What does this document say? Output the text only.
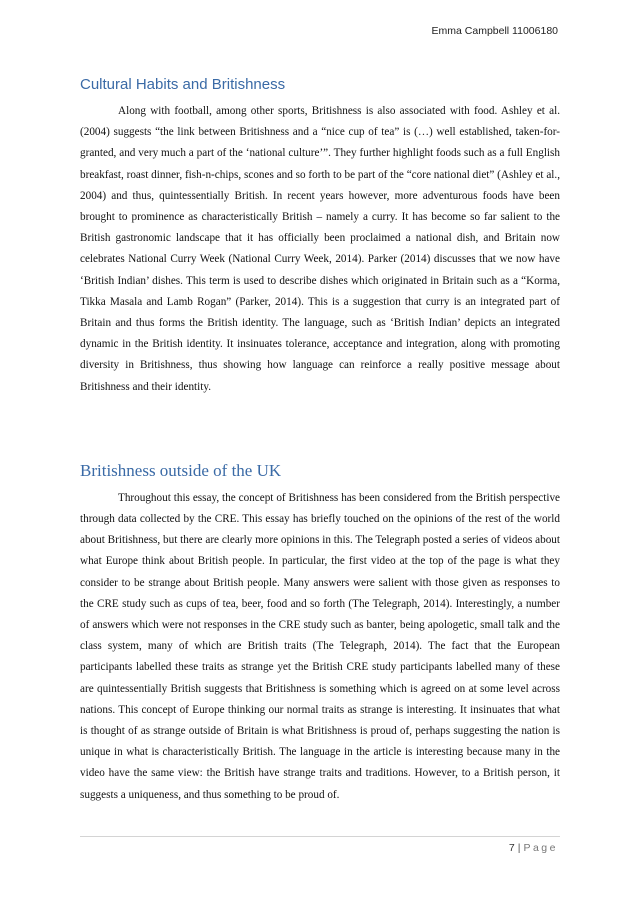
Emma Campbell 11006180
Cultural Habits and Britishness

Along with football, among other sports, Britishness is also associated with food. Ashley et al. (2004) suggests “the link between Britishness and a “nice cup of tea” is (…) well established, taken-for-granted, and very much a part of the ‘national culture’”. They further highlight foods such as a full English breakfast, roast dinner, fish-n-chips, scones and so forth to be part of the “core national diet” (Ashley et al., 2004) and thus, quintessentially British. In recent years however, more adventurous foods have been brought to prominence as characteristically British – namely a curry. It has become so far salient to the British gastronomic landscape that it has officially been proclaimed a national dish, and Britain now celebrates National Curry Week (National Curry Week, 2014). Parker (2014) discusses that we now have ‘British Indian’ dishes. This term is used to describe dishes which originated in Britain such as a “Korma, Tikka Masala and Lamb Rogan” (Parker, 2014). This is a suggestion that curry is an integrated part of Britain and thus forms the British identity. The language, such as ‘British Indian’ depicts an integrated dynamic in the British identity. It insinuates tolerance, acceptance and integration, along with promoting diversity in Britishness, thus showing how language can reinforce a really positive message about Britishness and their identity.

Britishness outside of the UK

Throughout this essay, the concept of Britishness has been considered from the British perspective through data collected by the CRE. This essay has briefly touched on the opinions of the rest of the world about Britishness, but there are clearly more opinions in this. The Telegraph posted a series of videos about what Europe think about British people. In particular, the first video at the top of the page is what they consider to be strange about British people. Many answers were salient with those given as responses to the CRE study such as cups of tea, beer, food and so forth (The Telegraph, 2014). Interestingly, a number of answers which were not responses in the CRE study such as banter, being apologetic, small talk and the class system, many of which are British traits (The Telegraph, 2014). The fact that the European participants labelled these traits as strange yet the British CRE study participants labelled many of these are quintessentially British suggests that Britishness is something which is agreed on at some level across nations. This concept of Europe thinking our normal traits as strange is interesting. It insinuates that what is thought of as strange outside of Britain is what Britishness is proud of, perhaps suggesting the nation is unique in what is characteristically British. The language in the article is interesting because many in the video have the same view: the British have strange traits and traditions. However, to a British person, it suggests a uniqueness, and thus something to be proud of.

7 | Page
